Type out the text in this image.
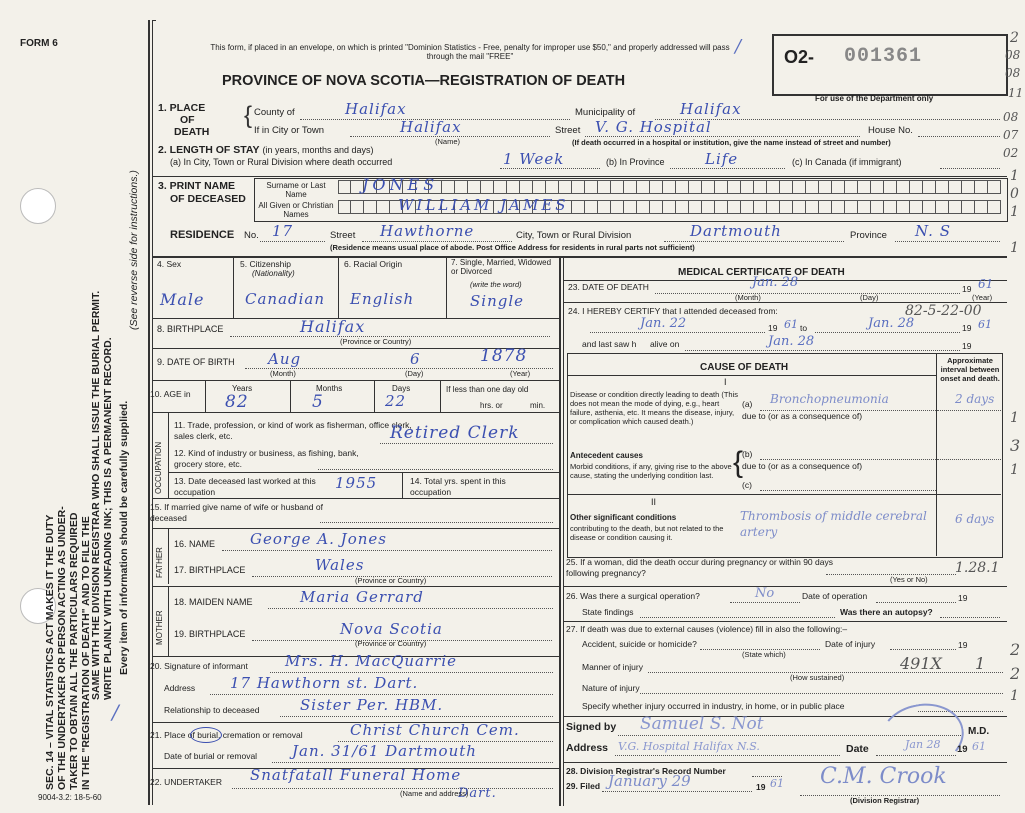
FORM 6
SEC. 14 – VITAL STATISTICS ACT MAKES IT THE DUTY OF THE UNDERTAKER OR PERSON ACTING AS UNDER- TAKER TO OBTAIN ALL THE PARTICULARS REQUIRED IN THE "REGISTRATION OF DEATH" AND TO FILE THE
SAME WITH THE DIVISION REGISTRAR WHO SHALL ISSUE THE BURIAL PERMIT. WRITE PLAINLY WITH UNFADING INK; THIS IS A PERMANENT RECORD. Every item of information should be carefully supplied.
(See reverse side for instructions.)
/
9004-3.2: 18-5-60
This form, if placed in an envelope, on which is printed "Dominion Statistics - Free, penalty for improper use $50," and properly addressed will pass through the mail "FREE"
PROVINCE OF NOVA SCOTIA—REGISTRATION OF DEATH
/ O2- 001361
For use of the Department only
2
08
08
11
08
07
02
1
0
1
1
1
3
1
2
2
1
1. PLACE
OF
DEATH
{ County of	Halifax	Municipality of	Halifax
If in City or Town	Halifax
(Name)
Street V. G. Hospital	House No.
(If death occurred in a hospital or institution, give the name instead of street and number)
2. LENGTH OF STAY (in years, months and days)
(a) In City, Town or Rural Division where death occurred	1 Week	(b) In Province	Life	(c) In Canada (if immigrant)
3. PRINT NAME
OF DECEASED
Surname or Last Name
All Given or Christian Names
JONES
WILLIAM JAMES
RESIDENCE No. 17	Street Hawthorne	City, Town or Rural Division	Dartmouth	Province N. S
(Residence means usual place of abode. Post Office Address for residents in rural parts not sufficient)
4. Sex
Male
5. Citizenship
(Nationality)
Canadian
6. Racial Origin
English
7. Single, Married, Widowed or Divorced
(write the word)
Single
8. BIRTHPLACE	Halifax
(Province or Country)
9. DATE OF BIRTH Aug	6	1878
(Month)	(Day)	(Year)
10. AGE in
Years
82
Months
5
Days
22
If less than one day old
hrs. or	min.
OCCUPATION
11. Trade, profession, or kind of work as fisherman, office clerk, sales clerk, etc.	Retired Clerk
12. Kind of industry or business, as fishing, bank, grocery store, etc.
13. Date deceased last worked at this occupation	1955	14. Total yrs. spent in this occupation
15. If married give name of wife or husband of deceased
FATHER
16. NAME George A. Jones
17. BIRTHPLACE	Wales
(Province or Country)
MOTHER
18. MAIDEN NAME	Maria Gerrard
19. BIRTHPLACE	Nova Scotia
(Province or Country)
20. Signature of informant Mrs. H. MacQuarrie
Address 17 Hawthorn st. Dart.
Relationship to deceased	Sister Per. HBM.
21. Place of burial, cremation or removal	Christ Church Cem.
Date of burial or removal Jan. 31/61 Dartmouth
22. UNDERTAKER Snatfatall Funeral Home
Dart.
(Name and address)
MEDICAL CERTIFICATE OF DEATH
23. DATE OF DEATH	Jan. 28	19 61
(Month)	(Day)	(Year)
24. I HEREBY CERTIFY that I attended deceased from:	82-5-22-00
Jan. 22	19 61 to	Jan. 28	19 61
and last saw h alive on	Jan. 28	19
CAUSE OF DEATH
Approximate interval between onset and death.
I
Disease or condition directly leading to death (This does not mean the mode of dying, e.g., heart failure, asthenia, etc. It means the disease, injury, or complication which caused death.)
(a) Bronchopneumonia	2 days
due to (or as a consequence of)
Antecedent causes
Morbid conditions, if any, giving rise to the above cause, stating the underlying condition last. {
(b)
due to (or as a consequence of)
(c)
II
Other significant conditions
contributing to the death, but not related to the disease or condition causing it.
Thrombosis of middle cerebral artery
6 days
25. If a woman, did the death occur during pregnancy or within 90 days following pregnancy?
(Yes or No)
1.28.1
26. Was there a surgical operation?	No	Date of operation	19
State findings	Was there an autopsy?
27. If death was due to external causes (violence) fill in also the following:–
Accident, suicide or homicide?	Date of injury	19
(State which)
Manner of injury	491X 1
(How sustained)
Nature of injury
Specify whether injury occurred in industry, in home, or in public place
Signed by Samuel S. Not	M.D.
Address V.G. Hospital Halifax N.S.	Date	Jan 28 19 61
28. Division Registrar's Record Number
29. Filed January 29	19 61 C.M. Crook
(Division Registrar)
